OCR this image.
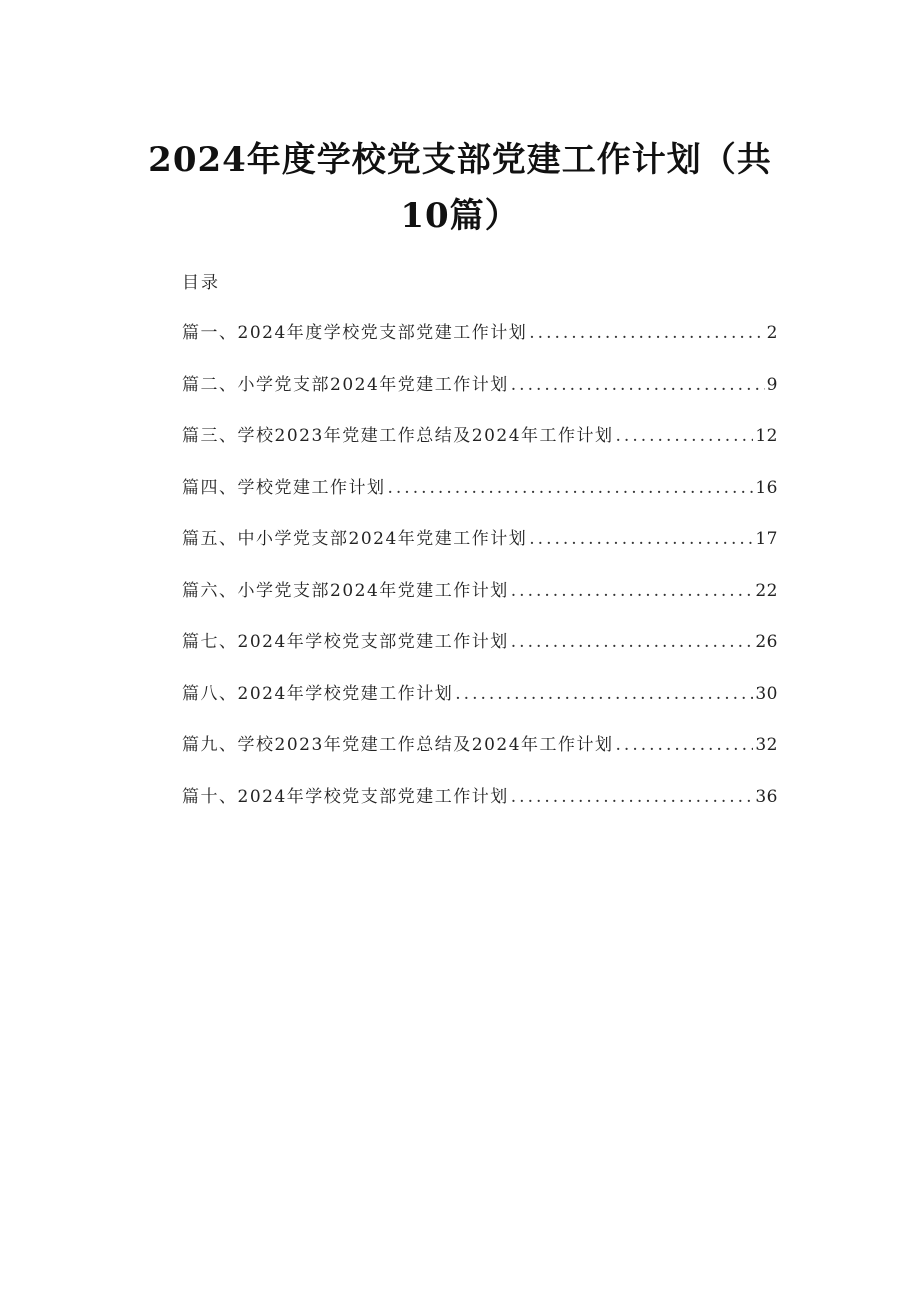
2024年度学校党支部党建工作计划（共10篇）
目录
篇一、2024年度学校党支部党建工作计划 .....	2
篇二、小学党支部2024年党建工作计划 .....	9
篇三、学校2023年党建工作总结及2024年工作计划 .....	12
篇四、学校党建工作计划 .....	16
篇五、中小学党支部2024年党建工作计划 .....	17
篇六、小学党支部2024年党建工作计划 .....	22
篇七、2024年学校党支部党建工作计划 .....	26
篇八、2024年学校党建工作计划 .....	30
篇九、学校2023年党建工作总结及2024年工作计划 .....	32
篇十、2024年学校党支部党建工作计划 .....	36
